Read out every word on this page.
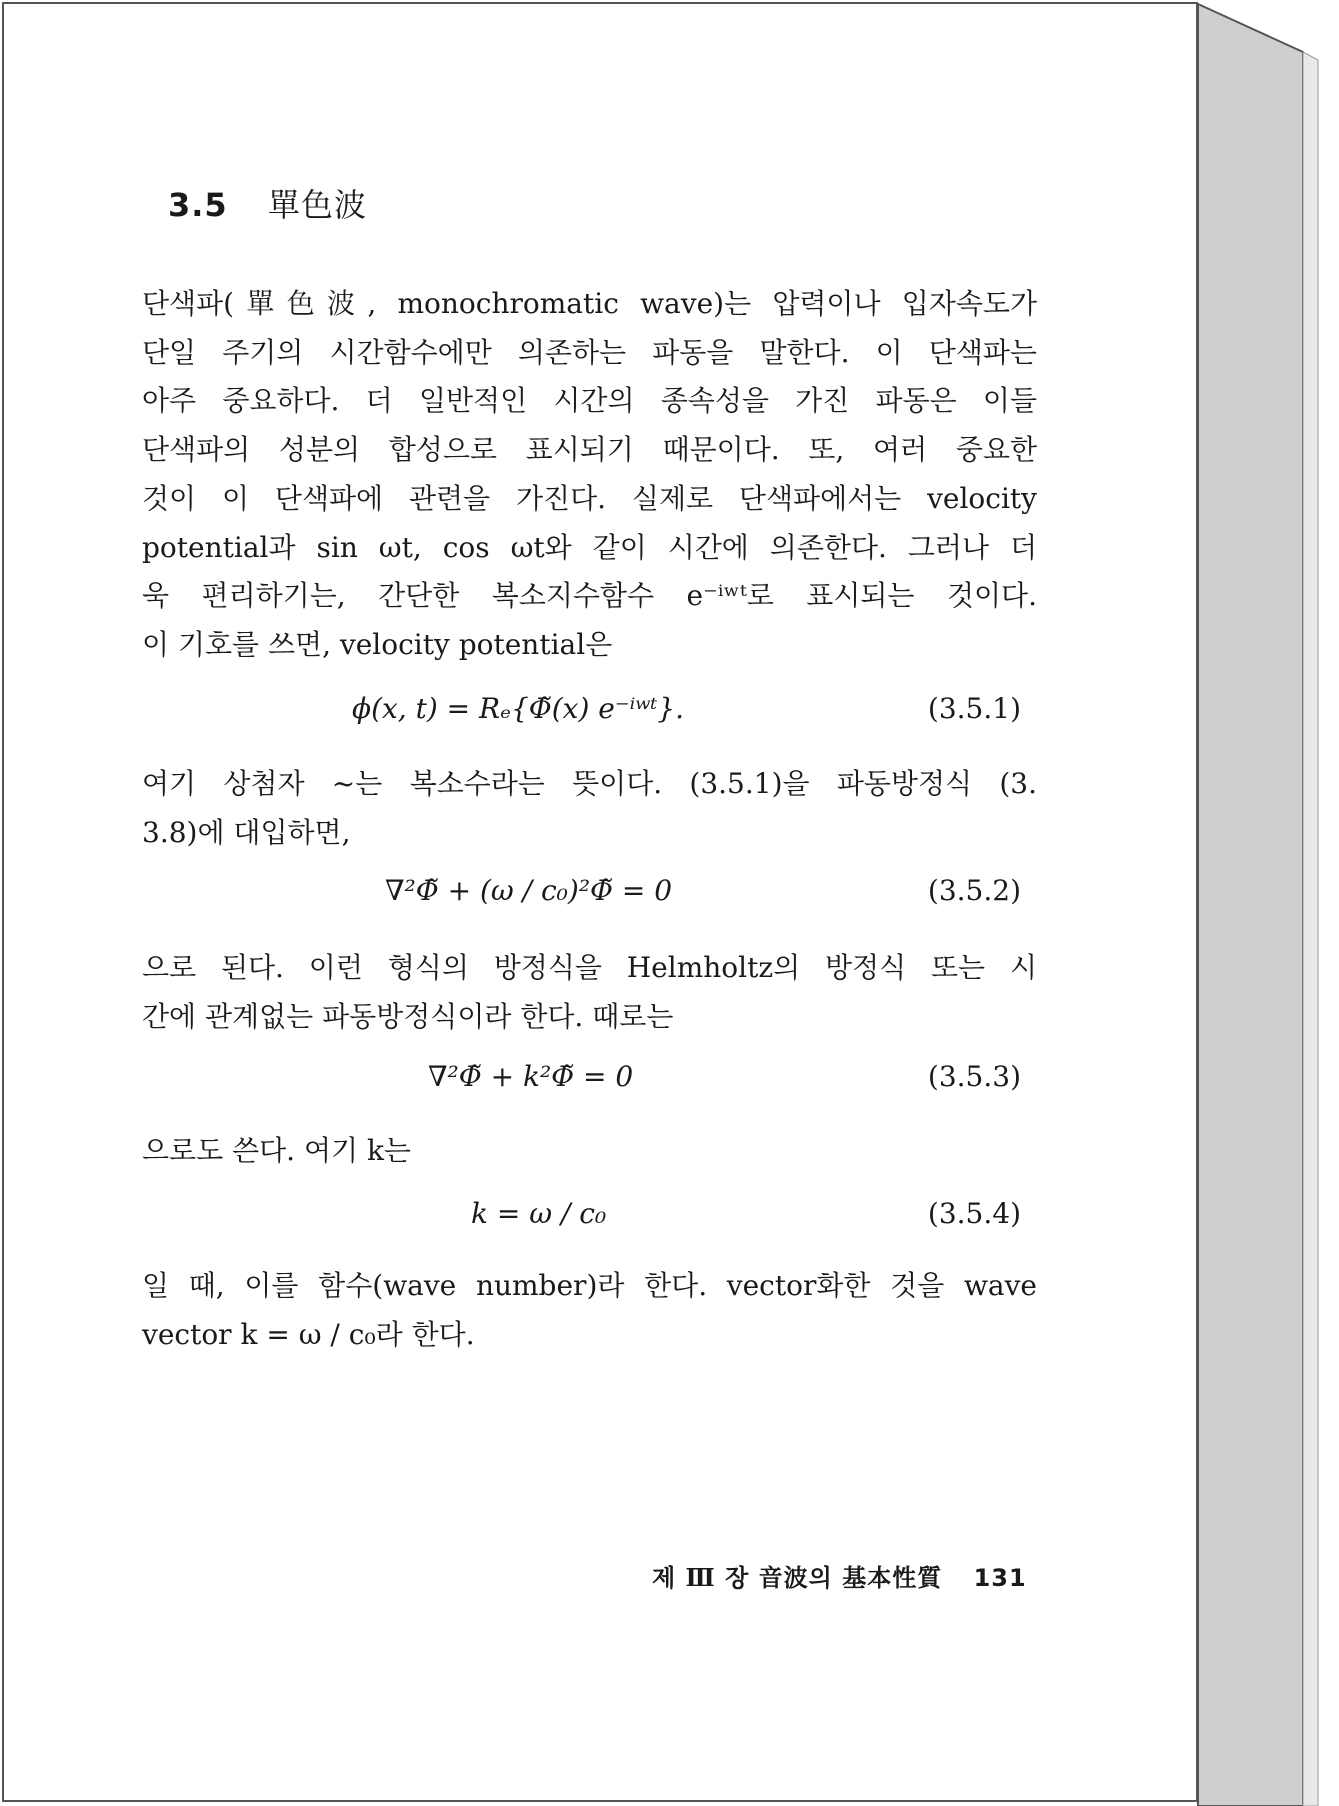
3.5 單色波
단색파(單色波, monochromatic wave)는 압력이나 입자속도가
단일 주기의 시간함수에만 의존하는 파동을 말한다. 이 단색파는
아주 중요하다. 더 일반적인 시간의 종속성을 가진 파동은 이들
단색파의 성분의 합성으로 표시되기 때문이다. 또, 여러 중요한
것이 이 단색파에 관련을 가진다. 실제로 단색파에서는 velocity
potential과 sin ωt, cos ωt와 같이 시간에 의존한다. 그러나 더
욱 편리하기는, 간단한 복소지수함수 e⁻ⁱʷᵗ로 표시되는 것이다.
이 기호를 쓰면, velocity potential은
ϕ(x, t) = Rₑ{Φ̃(x) e⁻ⁱʷᵗ}.	(3.5.1)
여기 상첨자 ~는 복소수라는 뜻이다. (3.5.1)을 파동방정식 (3.
3.8)에 대입하면,
∇²Φ̃ + (ω / c₀)²Φ̃ = 0	(3.5.2)
으로 된다. 이런 형식의 방정식을 Helmholtz의 방정식 또는 시
간에 관계없는 파동방정식이라 한다. 때로는
∇²Φ̃ + k²Φ̃ = 0	(3.5.3)
으로도 쓴다. 여기 k는
k = ω / c₀	(3.5.4)
일 때, 이를 함수(wave number)라 한다. vector화한 것을 wave
vector k = ω / c₀라 한다.
제 Ⅲ 장 音波의 基本性質 131
